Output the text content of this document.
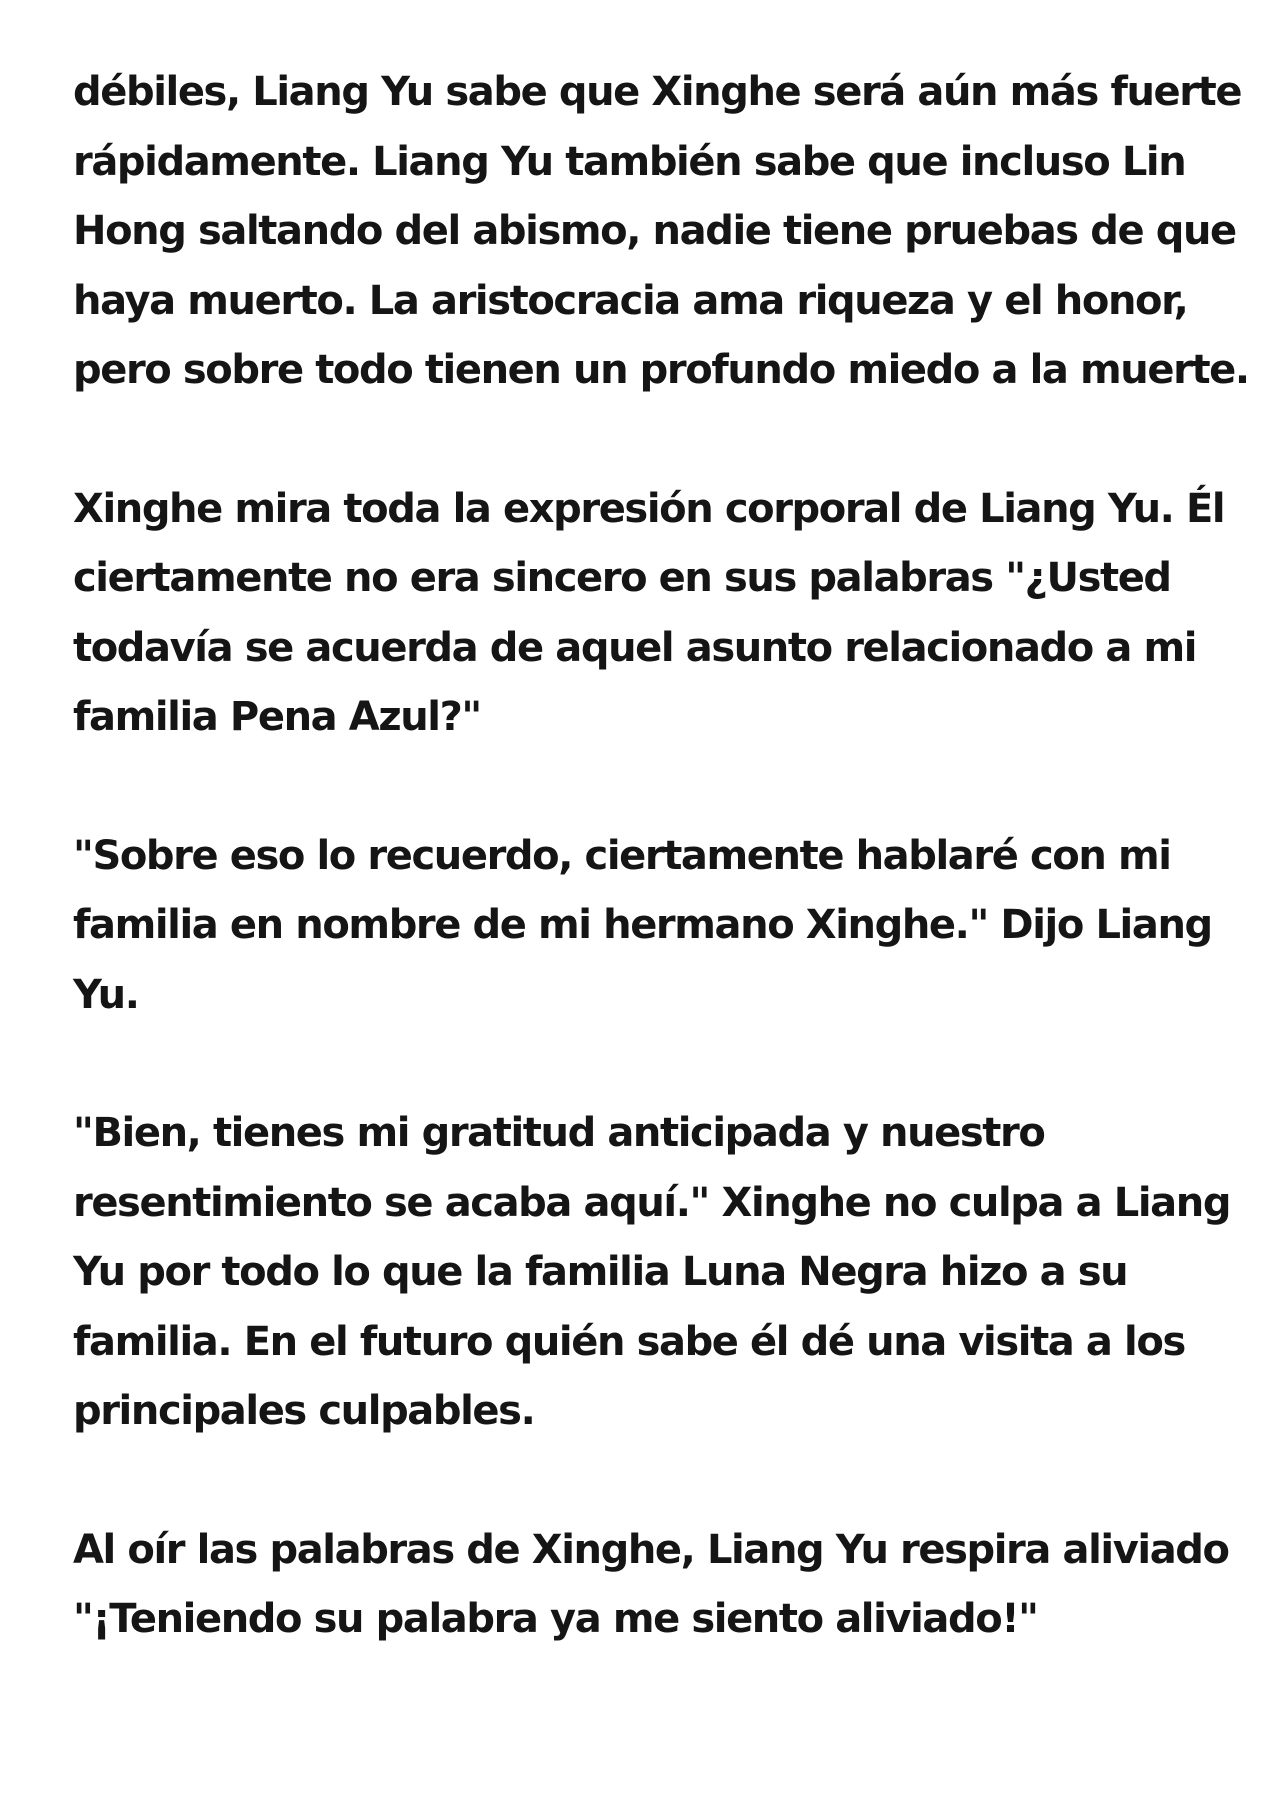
débiles, Liang Yu sabe que Xinghe será aún más fuerte
rápidamente. Liang Yu también sabe que incluso Lin
Hong saltando del abismo, nadie tiene pruebas de que
haya muerto. La aristocracia ama riqueza y el honor,
pero sobre todo tienen un profundo miedo a la muerte.

Xinghe mira toda la expresión corporal de Liang Yu. Él
ciertamente no era sincero en sus palabras "¿Usted
todavía se acuerda de aquel asunto relacionado a mi
familia Pena Azul?"

"Sobre eso lo recuerdo, ciertamente hablaré con mi
familia en nombre de mi hermano Xinghe." Dijo Liang
Yu.

"Bien, tienes mi gratitud anticipada y nuestro
resentimiento se acaba aquí." Xinghe no culpa a Liang
Yu por todo lo que la familia Luna Negra hizo a su
familia. En el futuro quién sabe él dé una visita a los
principales culpables.

Al oír las palabras de Xinghe, Liang Yu respira aliviado
"¡Teniendo su palabra ya me siento aliviado!"
